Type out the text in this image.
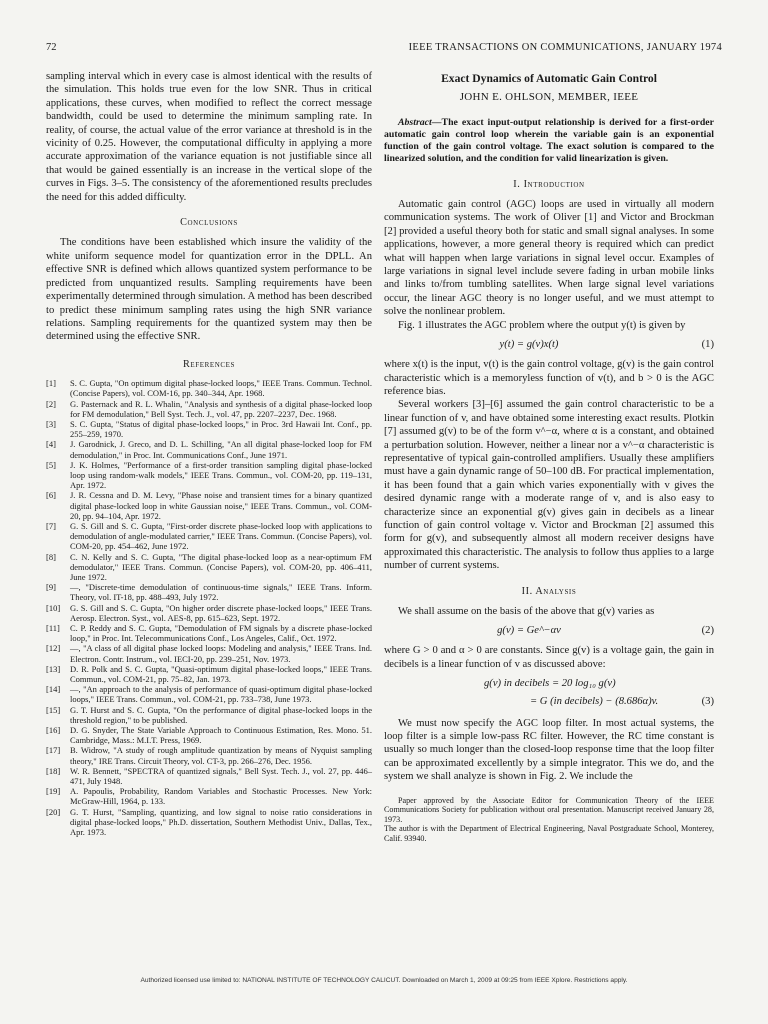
72	IEEE TRANSACTIONS ON COMMUNICATIONS, JANUARY 1974

sampling interval which in every case is almost identical with the results of the simulation. This holds true even for the low SNR. Thus in critical applications, these curves, when modified to reflect the correct message bandwidth, could be used to determine the minimum sampling rate. In reality, of course, the actual value of the error variance at threshold is in the vicinity of 0.25. However, the computational difficulty in applying a more accurate approximation of the variance equation is not justifiable since all that would be gained essentially is an increase in the vertical slope of the curves in Figs. 3–5. The consistency of the aforementioned results precludes the need for this added difficulty.

Conclusions

The conditions have been established which insure the validity of the white uniform sequence model for quantization error in the DPLL. An effective SNR is defined which allows quantized system performance to be predicted from unquantized results. Sampling requirements have been experimentally determined through simulation. A method has been described to predict these minimum sampling rates using the high SNR variance relations. Sampling requirements for the quantized system may then be determined using the effective SNR.

References
[1]	S. C. Gupta, "On optimum digital phase-locked loops," IEEE Trans. Commun. Technol. (Concise Papers), vol. COM-16, pp. 340–344, Apr. 1968.
[2]	G. Pasternack and R. L. Whalin, "Analysis and synthesis of a digital phase-locked loop for FM demodulation," Bell Syst. Tech. J., vol. 47, pp. 2207–2237, Dec. 1968.
[3]	S. C. Gupta, "Status of digital phase-locked loops," in Proc. 3rd Hawaii Int. Conf., pp. 255–259, 1970.
[4]	J. Garodnick, J. Greco, and D. L. Schilling, "An all digital phase-locked loop for FM demodulation," in Proc. Int. Communications Conf., June 1971.
[5]	J. K. Holmes, "Performance of a first-order transition sampling digital phase-locked loop using random-walk models," IEEE Trans. Commun., vol. COM-20, pp. 119–131, Apr. 1972.
[6]	J. R. Cessna and D. M. Levy, "Phase noise and transient times for a binary quantized digital phase-locked loop in white Gaussian noise," IEEE Trans. Commun., vol. COM-20, pp. 94–104, Apr. 1972.
[7]	G. S. Gill and S. C. Gupta, "First-order discrete phase-locked loop with applications to demodulation of angle-modulated carrier," IEEE Trans. Commun. (Concise Papers), vol. COM-20, pp. 454–462, June 1972.
[8]	C. N. Kelly and S. C. Gupta, "The digital phase-locked loop as a near-optimum FM demodulator," IEEE Trans. Commun. (Concise Papers), vol. COM-20, pp. 406–411, June 1972.
[9]	—, "Discrete-time demodulation of continuous-time signals," IEEE Trans. Inform. Theory, vol. IT-18, pp. 488–493, July 1972.
[10]	G. S. Gill and S. C. Gupta, "On higher order discrete phase-locked loops," IEEE Trans. Aerosp. Electron. Syst., vol. AES-8, pp. 615–623, Sept. 1972.
[11]	C. P. Reddy and S. C. Gupta, "Demodulation of FM signals by a discrete phase-locked loop," in Proc. Int. Telecommunications Conf., Los Angeles, Calif., Oct. 1972.
[12]	—, "A class of all digital phase locked loops: Modeling and analysis," IEEE Trans. Ind. Electron. Contr. Instrum., vol. IECI-20, pp. 239–251, Nov. 1973.
[13]	D. R. Polk and S. C. Gupta, "Quasi-optimum digital phase-locked loops," IEEE Trans. Commun., vol. COM-21, pp. 75–82, Jan. 1973.
[14]	—, "An approach to the analysis of performance of quasi-optimum digital phase-locked loops," IEEE Trans. Commun., vol. COM-21, pp. 733–738, June 1973.
[15]	G. T. Hurst and S. C. Gupta, "On the performance of digital phase-locked loops in the threshold region," to be published.
[16]	D. G. Snyder, The State Variable Approach to Continuous Estimation, Res. Mono. 51. Cambridge, Mass.: M.I.T. Press, 1969.
[17]	B. Widrow, "A study of rough amplitude quantization by means of Nyquist sampling theory," IRE Trans. Circuit Theory, vol. CT-3, pp. 266–276, Dec. 1956.
[18]	W. R. Bennett, "SPECTRA of quantized signals," Bell Syst. Tech. J., vol. 27, pp. 446–471, July 1948.
[19]	A. Papoulis, Probability, Random Variables and Stochastic Processes. New York: McGraw-Hill, 1964, p. 133.
[20]	G. T. Hurst, "Sampling, quantizing, and low signal to noise ratio considerations in digital phase-locked loops," Ph.D. dissertation, Southern Methodist Univ., Dallas, Tex., Apr. 1973.
Exact Dynamics of Automatic Gain Control
JOHN E. OHLSON, MEMBER, IEEE

Abstract—The exact input-output relationship is derived for a first-order automatic gain control loop wherein the variable gain is an exponential function of the gain control voltage. The exact solution is compared to the linearized solution, and the condition for valid linearization is given.

I. Introduction

Automatic gain control (AGC) loops are used in virtually all modern communication systems. The work of Oliver [1] and Victor and Brockman [2] provided a useful theory both for static and small signal analyses. In some applications, however, a more general theory is required which can predict what will happen when large variations in signal level occur. Examples of large variations in signal level include severe fading in urban mobile links and links to/from tumbling satellites. When large signal level variations occur, the linear AGC theory is no longer useful, and we must attempt to solve the nonlinear problem.

Fig. 1 illustrates the AGC problem where the output y(t) is given by

y(t) = g(v)x(t)	(1)

where x(t) is the input, v(t) is the gain control voltage, g(v) is the gain control characteristic which is a memoryless function of v(t), and b > 0 is the AGC reference bias.

Several workers [3]–[6] assumed the gain control characteristic to be a linear function of v, and have obtained some interesting exact results. Plotkin [7] assumed g(v) to be of the form v^−α, where α is a constant, and obtained a perturbation solution. However, neither a linear nor a v^−α characteristic is representative of typical gain-controlled amplifiers. Usually these amplifiers must have a gain dynamic range of 50–100 dB. For practical implementation, it has been found that a gain which varies exponentially with v gives the desired dynamic range with a moderate range of v, and is also easy to characterize since an exponential g(v) gives gain in decibels as a linear function of gain control voltage v. Victor and Brockman [2] assumed this form for g(v), and subsequently almost all modern receiver designs have approximated this characteristic. The analysis to follow thus applies to a large number of current systems.

II. Analysis

We shall assume on the basis of the above that g(v) varies as

g(v) = Ge^−αv	(2)

where G > 0 and α > 0 are constants. Since g(v) is a voltage gain, the gain in decibels is a linear function of v as discussed above:

g(v) in decibels = 20 log₁₀ g(v)
= G (in decibels) − (8.686α)v.	(3)

We must now specify the AGC loop filter. In most actual systems, the loop filter is a simple low-pass RC filter. However, the RC time constant is usually so much longer than the closed-loop response time that the loop filter can be approximated excellently by a simple integrator. This we do, and the system we shall analyze is shown in Fig. 2. We include the

Paper approved by the Associate Editor for Communication Theory of the IEEE Communications Society for publication without oral presentation. Manuscript received January 28, 1973.
The author is with the Department of Electrical Engineering, Naval Postgraduate School, Monterey, Calif. 93940.
Authorized licensed use limited to: NATIONAL INSTITUTE OF TECHNOLOGY CALICUT. Downloaded on March 1, 2009 at 09:25 from IEEE Xplore. Restrictions apply.
